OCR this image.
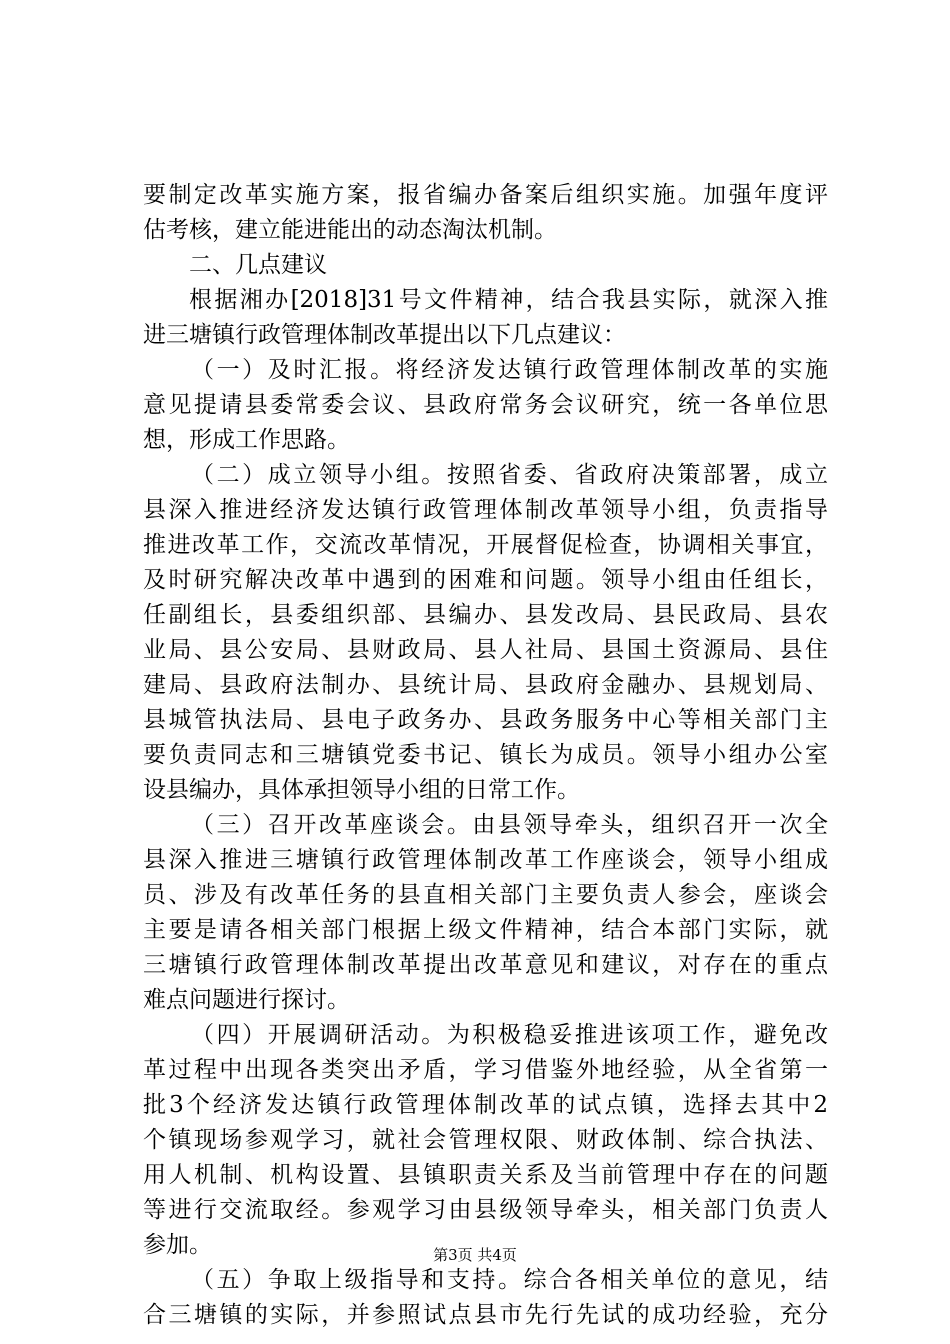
要制定改革实施方案，报省编办备案后组织实施。加强年度评
估考核，建立能进能出的动态淘汰机制。
二、几点建议
根据湘办[2018]31号文件精神，结合我县实际，就深入推
进三塘镇行政管理体制改革提出以下几点建议：
（一）及时汇报。将经济发达镇行政管理体制改革的实施
意见提请县委常委会议、县政府常务会议研究，统一各单位思
想，形成工作思路。
（二）成立领导小组。按照省委、省政府决策部署，成立
县深入推进经济发达镇行政管理体制改革领导小组，负责指导
推进改革工作，交流改革情况，开展督促检查，协调相关事宜，
及时研究解决改革中遇到的困难和问题。领导小组由任组长，
任副组长，县委组织部、县编办、县发改局、县民政局、县农
业局、县公安局、县财政局、县人社局、县国土资源局、县住
建局、县政府法制办、县统计局、县政府金融办、县规划局、
县城管执法局、县电子政务办、县政务服务中心等相关部门主
要负责同志和三塘镇党委书记、镇长为成员。领导小组办公室
设县编办，具体承担领导小组的日常工作。
（三）召开改革座谈会。由县领导牵头，组织召开一次全
县深入推进三塘镇行政管理体制改革工作座谈会，领导小组成
员、涉及有改革任务的县直相关部门主要负责人参会，座谈会
主要是请各相关部门根据上级文件精神，结合本部门实际，就
三塘镇行政管理体制改革提出改革意见和建议，对存在的重点
难点问题进行探讨。
（四）开展调研活动。为积极稳妥推进该项工作，避免改
革过程中出现各类突出矛盾，学习借鉴外地经验，从全省第一
批3个经济发达镇行政管理体制改革的试点镇，选择去其中2
个镇现场参观学习，就社会管理权限、财政体制、综合执法、
用人机制、机构设置、县镇职责关系及当前管理中存在的问题
等进行交流取经。参观学习由县级领导牵头，相关部门负责人
参加。
（五）争取上级指导和支持。综合各相关单位的意见，结
合三塘镇的实际，并参照试点县市先行先试的成功经验，充分
第3页 共4页
